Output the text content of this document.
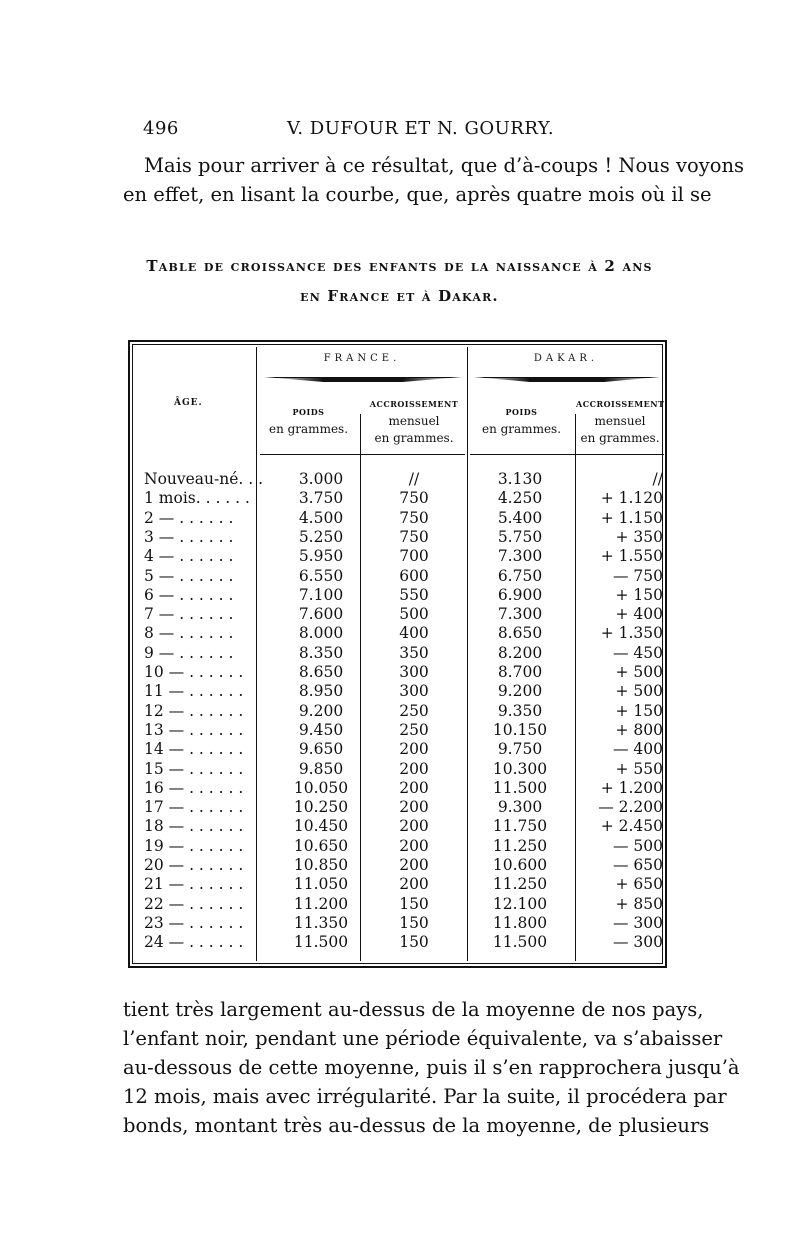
496	V. DUFOUR ET N. GOURRY.
Mais pour arriver à ce résultat, que d’à-coups ! Nous voyons
en effet, en lisant la courbe, que, après quatre mois où il se
Table de croissance des enfants de la naissance à 2 ans
en France et à Dakar.
FRANCE.	DAKAR.
ÂGE.
POIDS
en grammes.
ACCROISSEMENT
mensuel
en grammes.
POIDS
en grammes.
ACCROISSEMENT
mensuel
en grammes.
Nouveau-né. . .	3.000	//	3.130	//
1 mois. . . . . .	3.750	750	4.250	+ 1.120
2 — . . . . . .	4.500	750	5.400	+ 1.150
3 — . . . . . .	5.250	750	5.750	+ 350
4 — . . . . . .	5.950	700	7.300	+ 1.550
5 — . . . . . .	6.550	600	6.750	— 750
6 — . . . . . .	7.100	550	6.900	+ 150
7 — . . . . . .	7.600	500	7.300	+ 400
8 — . . . . . .	8.000	400	8.650	+ 1.350
9 — . . . . . .	8.350	350	8.200	— 450
10 — . . . . . .	8.650	300	8.700	+ 500
11 — . . . . . .	8.950	300	9.200	+ 500
12 — . . . . . .	9.200	250	9.350	+ 150
13 — . . . . . .	9.450	250	10.150	+ 800
14 — . . . . . .	9.650	200	9.750	— 400
15 — . . . . . .	9.850	200	10.300	+ 550
16 — . . . . . .	10.050	200	11.500	+ 1.200
17 — . . . . . .	10.250	200	9.300	— 2.200
18 — . . . . . .	10.450	200	11.750	+ 2.450
19 — . . . . . .	10.650	200	11.250	— 500
20 — . . . . . .	10.850	200	10.600	— 650
21 — . . . . . .	11.050	200	11.250	+ 650
22 — . . . . . .	11.200	150	12.100	+ 850
23 — . . . . . .	11.350	150	11.800	— 300
24 — . . . . . .	11.500	150	11.500	— 300
tient très largement au-dessus de la moyenne de nos pays,
l’enfant noir, pendant une période équivalente, va s’abaisser
au-dessous de cette moyenne, puis il s’en rapprochera jusqu’à
12 mois, mais avec irrégularité. Par la suite, il procédera par
bonds, montant très au-dessus de la moyenne, de plusieurs
